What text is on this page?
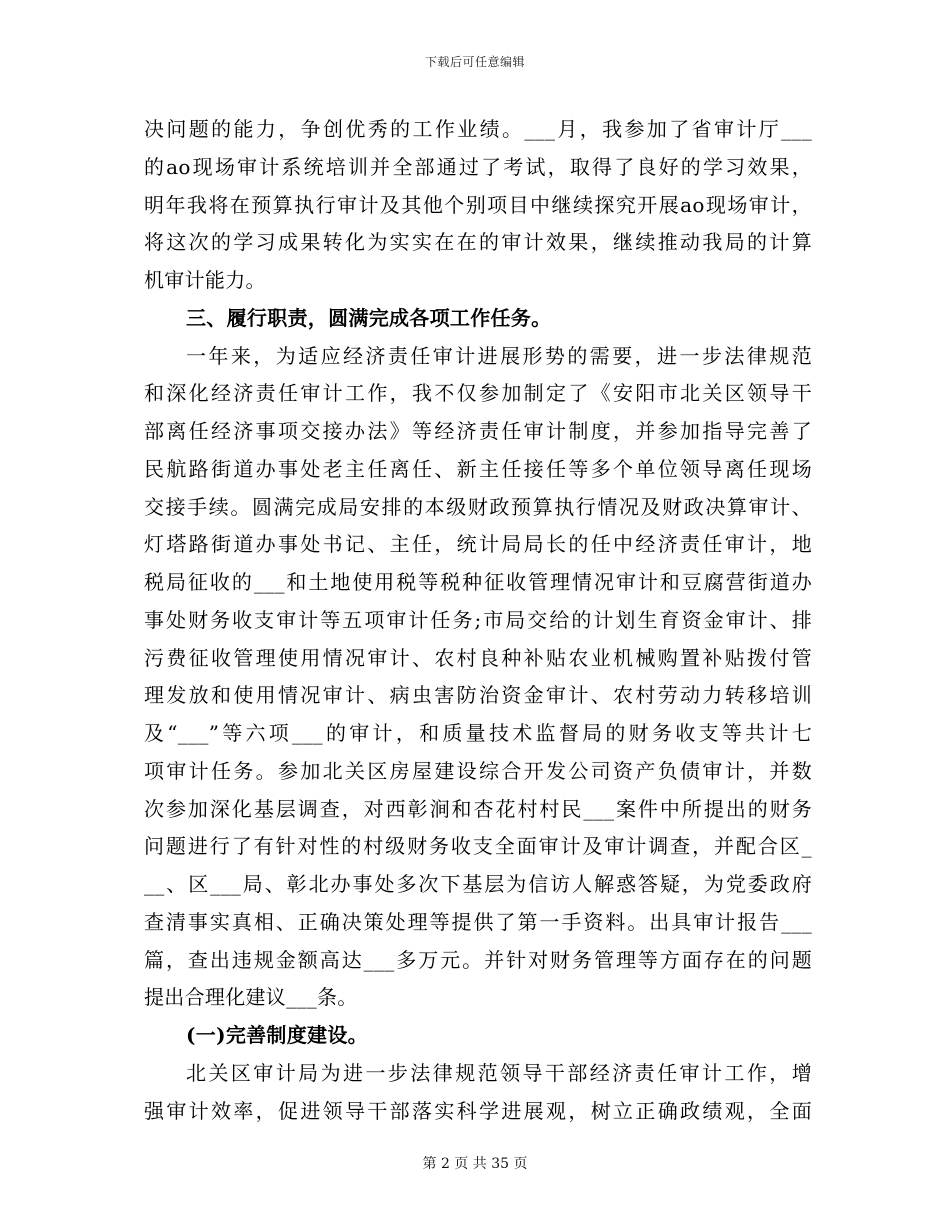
下载后可任意编辑
决问题的能力，争创优秀的工作业绩。___月，我参加了省审计厅___
的ao现场审计系统培训并全部通过了考试，取得了良好的学习效果，
明年我将在预算执行审计及其他个别项目中继续探究开展ao现场审计，
将这次的学习成果转化为实实在在的审计效果，继续推动我局的计算
机审计能力。
三、履行职责，圆满完成各项工作任务。
一年来，为适应经济责任审计进展形势的需要，进一步法律规范
和深化经济责任审计工作，我不仅参加制定了《安阳市北关区领导干
部离任经济事项交接办法》等经济责任审计制度，并参加指导完善了
民航路街道办事处老主任离任、新主任接任等多个单位领导离任现场
交接手续。圆满完成局安排的本级财政预算执行情况及财政决算审计、
灯塔路街道办事处书记、主任，统计局局长的任中经济责任审计，地
税局征收的___和土地使用税等税种征收管理情况审计和豆腐营街道办
事处财务收支审计等五项审计任务;市局交给的计划生育资金审计、排
污费征收管理使用情况审计、农村良种补贴农业机械购置补贴拨付管
理发放和使用情况审计、病虫害防治资金审计、农村劳动力转移培训
及“___”等六项___的审计，和质量技术监督局的财务收支等共计七
项审计任务。参加北关区房屋建设综合开发公司资产负债审计，并数
次参加深化基层调查，对西彰涧和杏花村村民___案件中所提出的财务
问题进行了有针对性的村级财务收支全面审计及审计调查，并配合区_
__、区___局、彰北办事处多次下基层为信访人解惑答疑，为党委政府
查清事实真相、正确决策处理等提供了第一手资料。出具审计报告___
篇，查出违规金额高达___多万元。并针对财务管理等方面存在的问题
提出合理化建议___条。
(一)完善制度建设。
北关区审计局为进一步法律规范领导干部经济责任审计工作，增
强审计效率，促进领导干部落实科学进展观，树立正确政绩观，全面
第 2 页 共 35 页
